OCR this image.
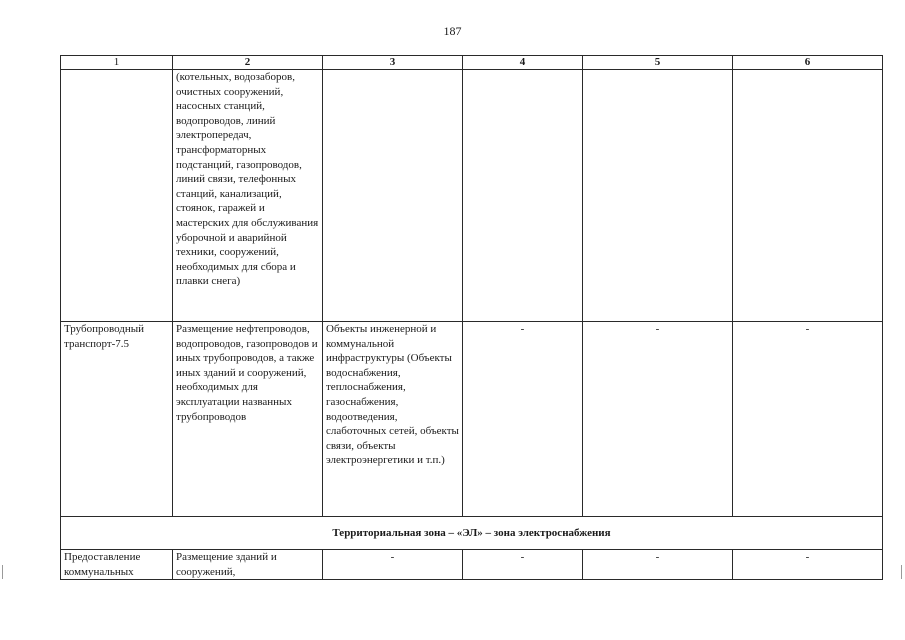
187
1	2	3	4	5	6
	(котельных, водозаборов, очистных сооружений, насосных станций, водопроводов, линий электропередач, трансформаторных подстанций, газопроводов, линий связи, телефонных станций, канализаций, стоянок, гаражей и мастерских для обслуживания уборочной и аварийной техники, сооружений, необходимых для сбора и плавки снега)				
Трубопроводный транспорт-7.5	Размещение нефтепроводов, водопроводов, газопроводов и иных трубопроводов, а также иных зданий и сооружений, необходимых для эксплуатации названных трубопроводов	Объекты инженерной и коммунальной инфраструктуры (Объекты водоснабжения, теплоснабжения, газоснабжения, водоотведения, слаботочных сетей, объекты связи, объекты электроэнергетики и т.п.)	-	-	-
Территориальная зона – «ЭЛ» – зона электроснабжения					
Предоставление коммунальных	Размещение зданий и сооружений,	-	-	-	-
